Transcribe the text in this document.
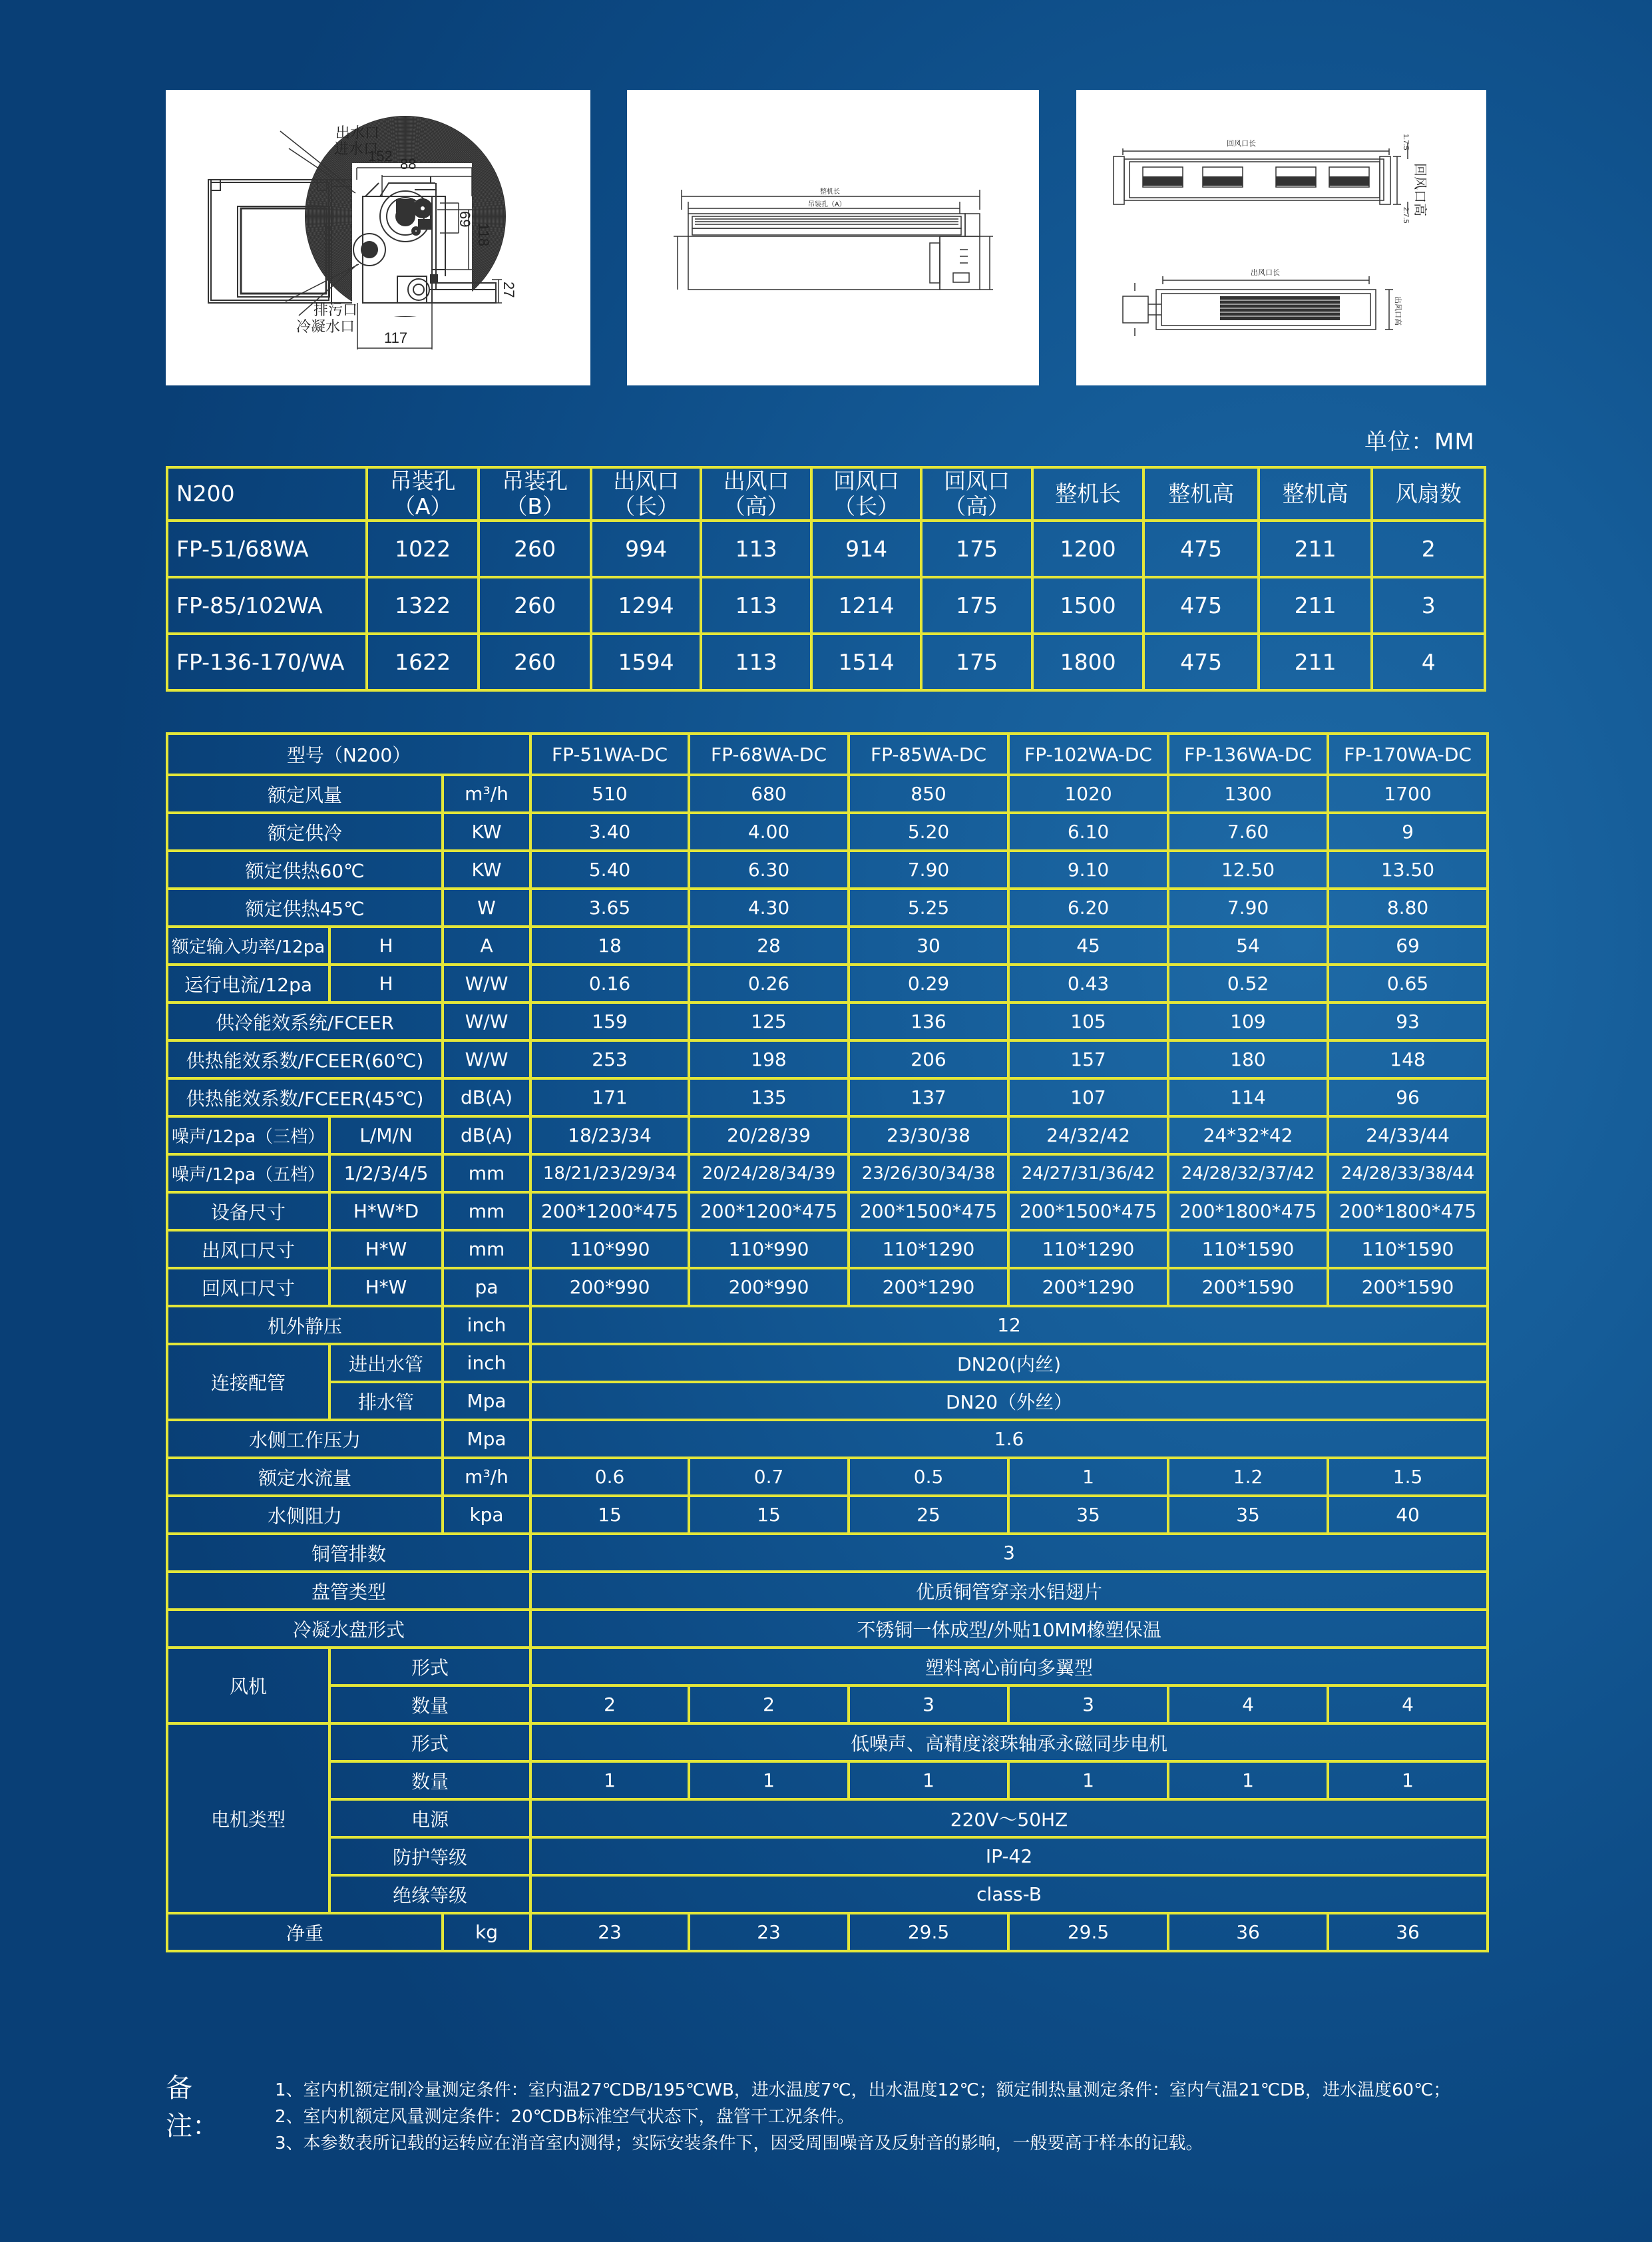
152 88
69
118
27
117
出水口
进水口
排污口
冷凝水口
整机长
吊装孔（A）
回风口长
回风口高
1.7.5
2.7.5
出风口长
出风口高
单位：MM
N200	吊装孔（A）	吊装孔（B）	出风口（长）	出风口（高）	回风口（长）	回风口（高）	整机长	整机高	整机高	风扇数
FP-51/68WA	1022	260	994	113	914	175	1200	475	211	2
FP-85/102WA	1322	260	1294	113	1214	175	1500	475	211	3
FP-136-170/WA	1622	260	1594	113	1514	175	1800	475	211	4
型号（N200）			FP-51WA-DC	FP-68WA-DC	FP-85WA-DC	FP-102WA-DC	FP-136WA-DC	FP-170WA-DC
额定风量		m³/h	510	680	850	1020	1300	1700
额定供冷		KW	3.40	4.00	5.20	6.10	7.60	9
额定供热60℃		KW	5.40	6.30	7.90	9.10	12.50	13.50
额定供热45℃		W	3.65	4.30	5.25	6.20	7.90	8.80
额定输入功率/12pa	H	A	18	28	30	45	54	69
运行电流/12pa	H	W/W	0.16	0.26	0.29	0.43	0.52	0.65
供冷能效系统/FCEER		W/W	159	125	136	105	109	93
供热能效系数/FCEER(60℃)		W/W	253	198	206	157	180	148
供热能效系数/FCEER(45℃)		dB(A)	171	135	137	107	114	96
噪声/12pa（三档）	L/M/N	dB(A)	18/23/34	20/28/39	23/30/38	24/32/42	24*32*42	24/33/44
噪声/12pa（五档）	1/2/3/4/5	mm	18/21/23/29/34	20/24/28/34/39	23/26/30/34/38	24/27/31/36/42	24/28/32/37/42	24/28/33/38/44
设备尺寸	H*W*D	mm	200*1200*475	200*1200*475	200*1500*475	200*1500*475	200*1800*475	200*1800*475
出风口尺寸	H*W	mm	110*990	110*990	110*1290	110*1290	110*1590	110*1590
回风口尺寸	H*W	pa	200*990	200*990	200*1290	200*1290	200*1590	200*1590
机外静压		inch	12					
连接配管	进出水管	inch	DN20(内丝)					
	排水管	Mpa	DN20（外丝）					
水侧工作压力		Mpa	1.6					
额定水流量		m³/h	0.6	0.7	0.5	1	1.2	1.5
水侧阻力		kpa	15	15	25	35	35	40
铜管排数			3					
盘管类型			优质铜管穿亲水铝翅片					
冷凝水盘形式			不锈铜一体成型/外贴10MM橡塑保温					
风机	形式		塑料离心前向多翼型					
	数量		2	2	3	3	4	4
电机类型	形式		低噪声、高精度滚珠轴承永磁同步电机					
	数量		1	1	1	1	1	1
	电源		220V～50HZ					
	防护等级		IP-42					
	绝缘等级		class-B					
净重		kg	23	23	29.5	29.5	36	36
备注：
1、室内机额定制冷量测定条件：室内温27℃DB/195℃WB，进水温度7℃，出水温度12℃；额定制热量测定条件：室内气温21℃DB，进水温度60℃；
2、室内机额定风量测定条件：20℃DB标准空气状态下，盘管干工况条件。
3、本参数表所记载的运转应在消音室内测得；实际安装条件下，因受周围噪音及反射音的影响，一般要高于样本的记载。
